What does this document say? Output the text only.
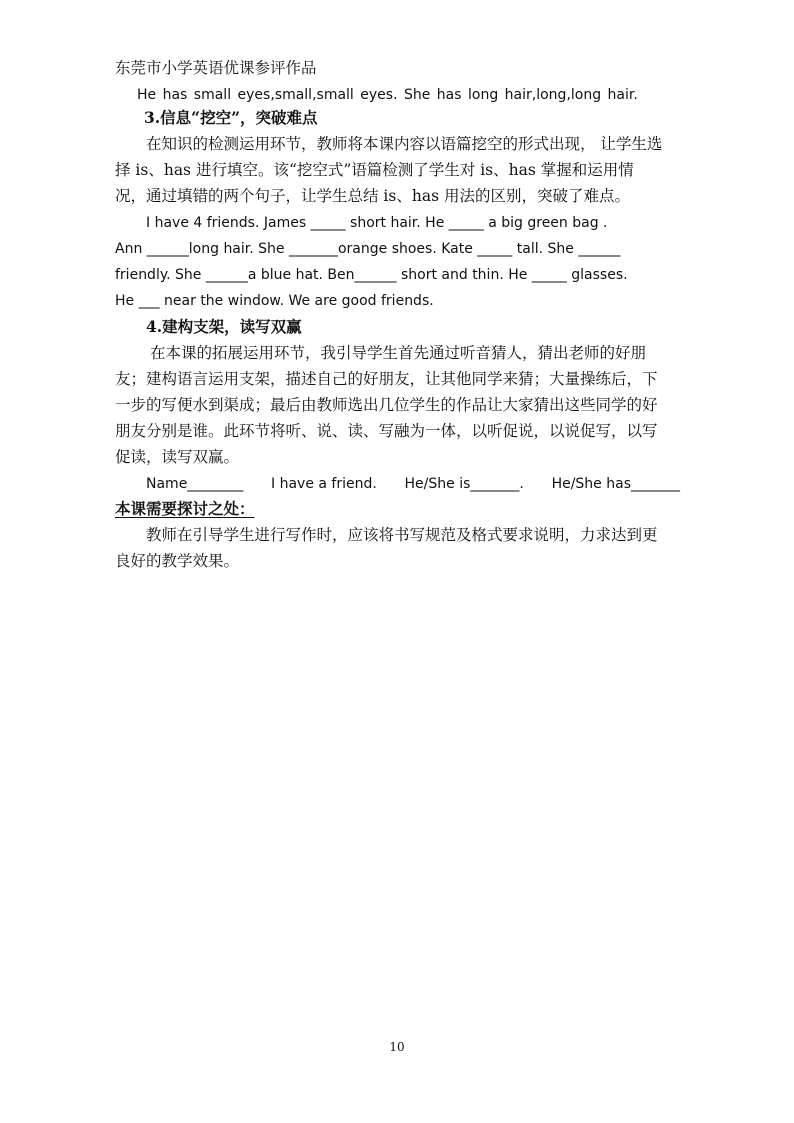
东莞市小学英语优课参评作品
He has small eyes,small,small eyes. She has long hair,long,long hair.
3.信息“挖空”，突破难点
在知识的检测运用环节，教师将本课内容以语篇挖空的形式出现， 让学生选
择 is、has 进行填空。该“挖空式”语篇检测了学生对 is、has 掌握和运用情
况，通过填错的两个句子，让学生总结 is、has 用法的区别，突破了难点。
I have 4 friends. James _____ short hair. He _____ a big green bag .
Ann ______long hair. She _______orange shoes. Kate _____ tall. She ______
friendly. She ______a blue hat. Ben______ short and thin. He _____ glasses.
He ___ near the window. We are good friends.
4.建构支架，读写双赢
在本课的拓展运用环节，我引导学生首先通过听音猜人，猜出老师的好朋
友；建构语言运用支架，描述自己的好朋友，让其他同学来猜；大量操练后，下
一步的写便水到渠成；最后由教师选出几位学生的作品让大家猜出这些同学的好
朋友分别是谁。此环节将听、说、读、写融为一体，以听促说，以说促写，以写
促读，读写双赢。
Name________ I have a friend. He/She is_______. He/She has_______
本课需要探讨之处：
教师在引导学生进行写作时，应该将书写规范及格式要求说明，力求达到更
良好的教学效果。
10
